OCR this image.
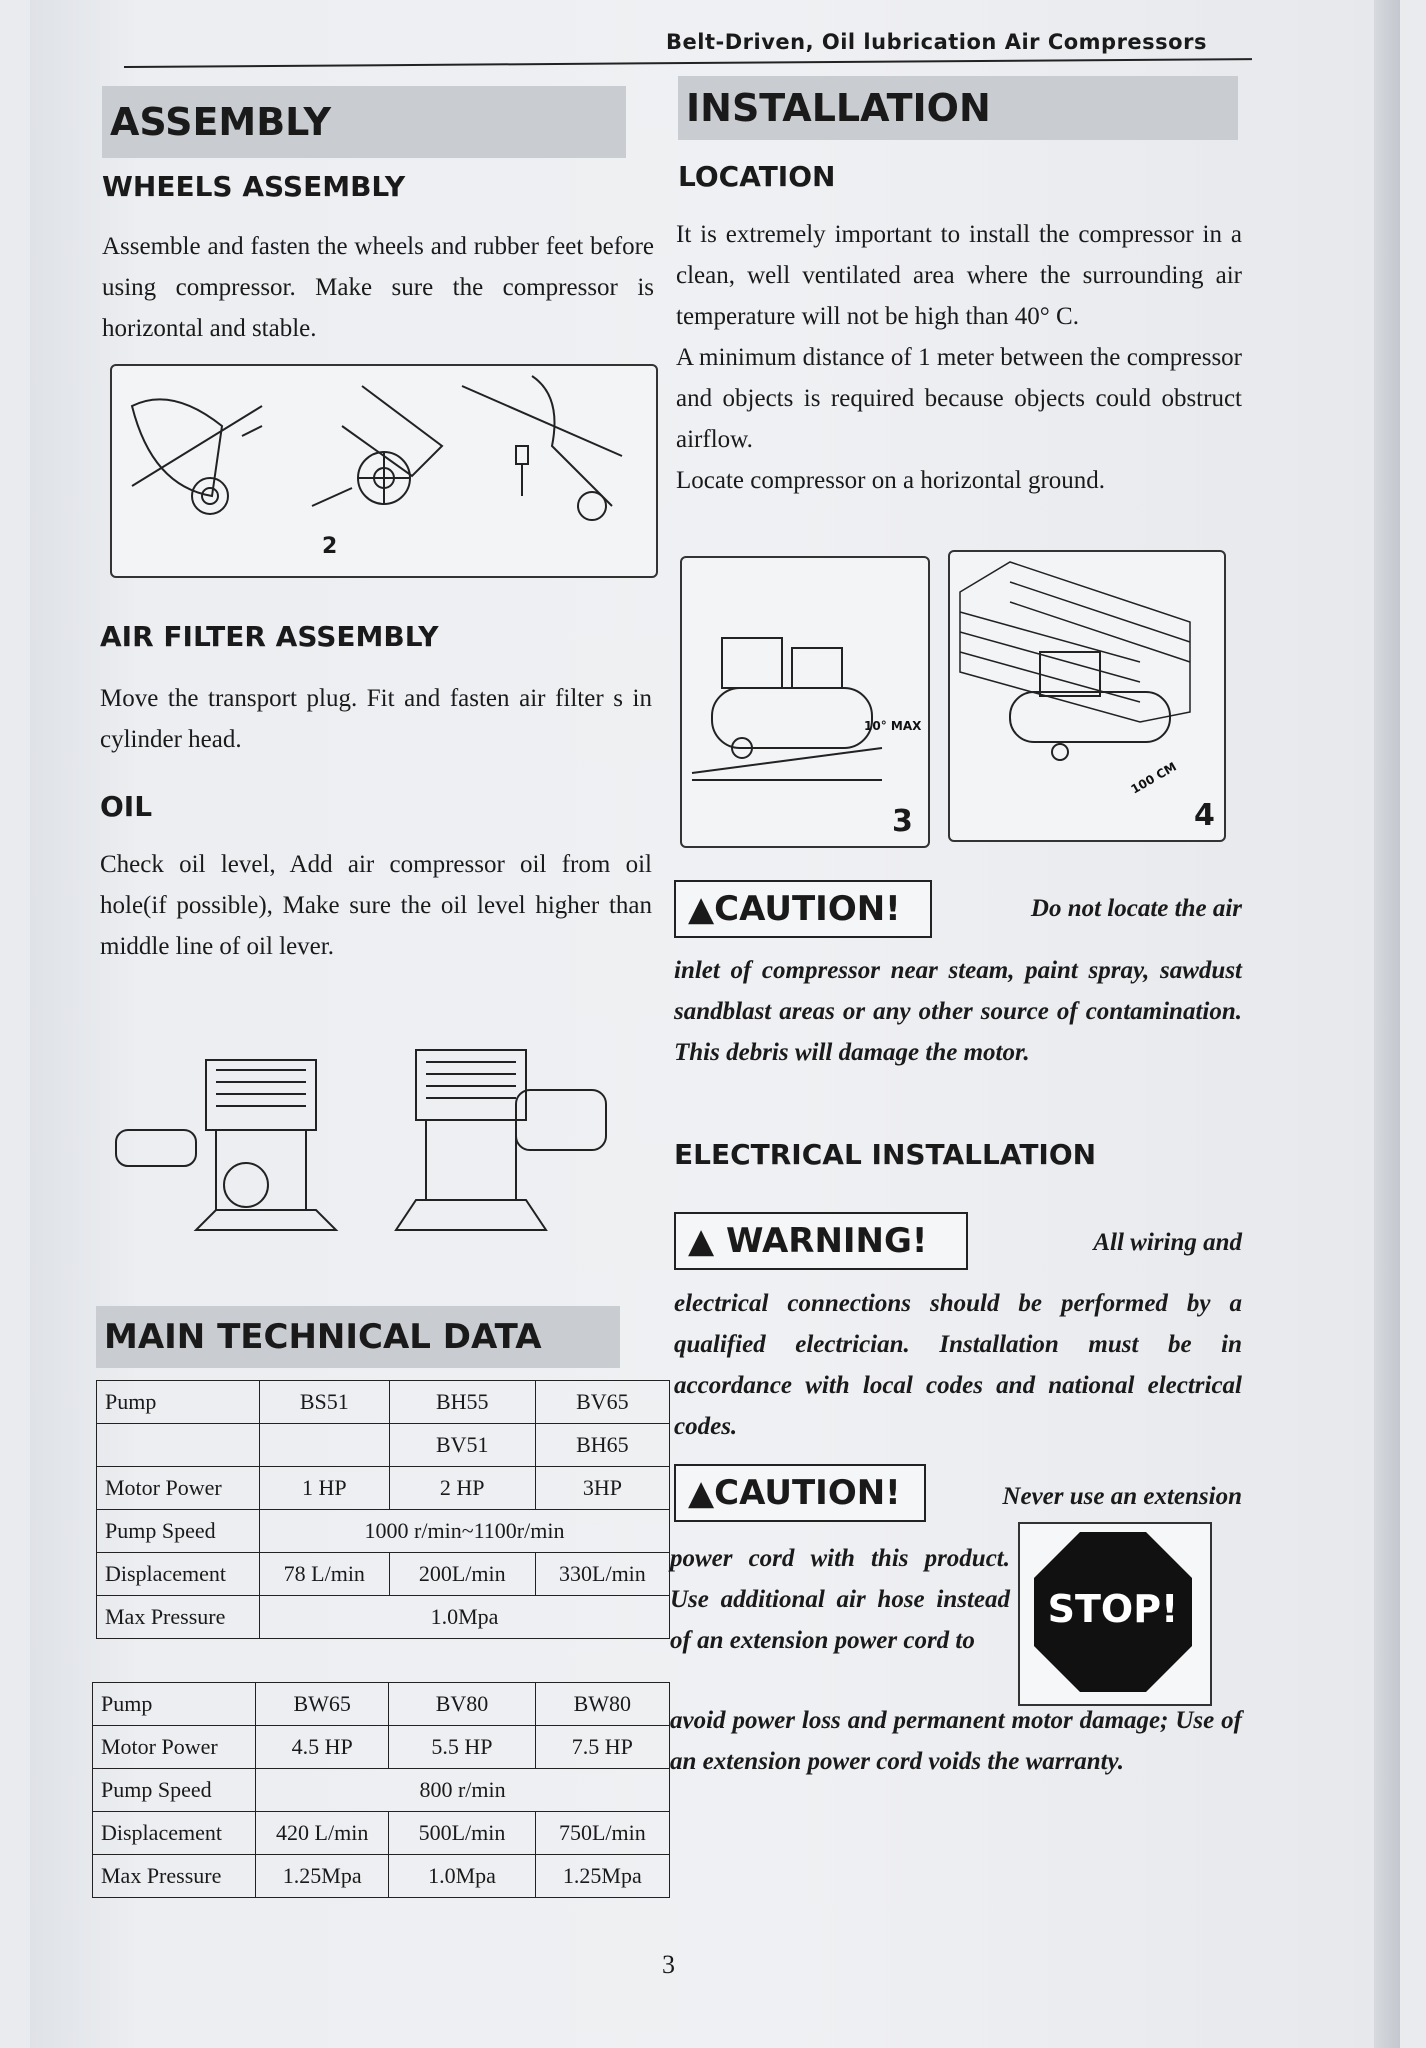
Belt-Driven, Oil lubrication Air Compressors
ASSEMBLY
WHEELS ASSEMBLY
Assemble and fasten the wheels and rubber feet before using compressor. Make sure the compressor is horizontal and stable.
2
AIR FILTER ASSEMBLY
Move the transport plug. Fit and fasten air filter s in cylinder head.
OIL
Check oil level, Add air compressor oil from oil hole(if possible), Make sure the oil level higher than middle line of oil lever.
MAIN TECHNICAL DATA
Pump	BS51	BH55	BV65
		BV51	BH65
Motor Power	1 HP	2 HP	3HP
Pump Speed	1000 r/min~1100r/min		
Displacement	78 L/min	200L/min	330L/min
Max Pressure	1.0Mpa		
Pump	BW65	BV80	BW80
Motor Power	4.5 HP	5.5 HP	7.5 HP
Pump Speed	800 r/min		
Displacement	420 L/min	500L/min	750L/min
Max Pressure	1.25Mpa	1.0Mpa	1.25Mpa
INSTALLATION
LOCATION

It is extremely important to install the compressor in a clean, well ventilated area where the surrounding air temperature will not be high than 40° C.

A minimum distance of 1 meter between the compressor and objects is required because objects could obstruct airflow.

Locate compressor on a horizontal ground.

10° MAX
3
100 CM
4
▲CAUTION!	Do not locate the air
inlet of compressor near steam, paint spray, sawdust sandblast areas or any other source of contamination. This debris will damage the motor.
ELECTRICAL INSTALLATION
▲ WARNING!	All wiring and
electrical connections should be performed by a qualified electrician. Installation must be in accordance with local codes and national electrical codes.
▲CAUTION!	Never use an extension
power cord with this product. Use additional air hose instead of an extension power cord to
STOP!
avoid power loss and permanent motor damage; Use of an extension power cord voids the warranty.
3
